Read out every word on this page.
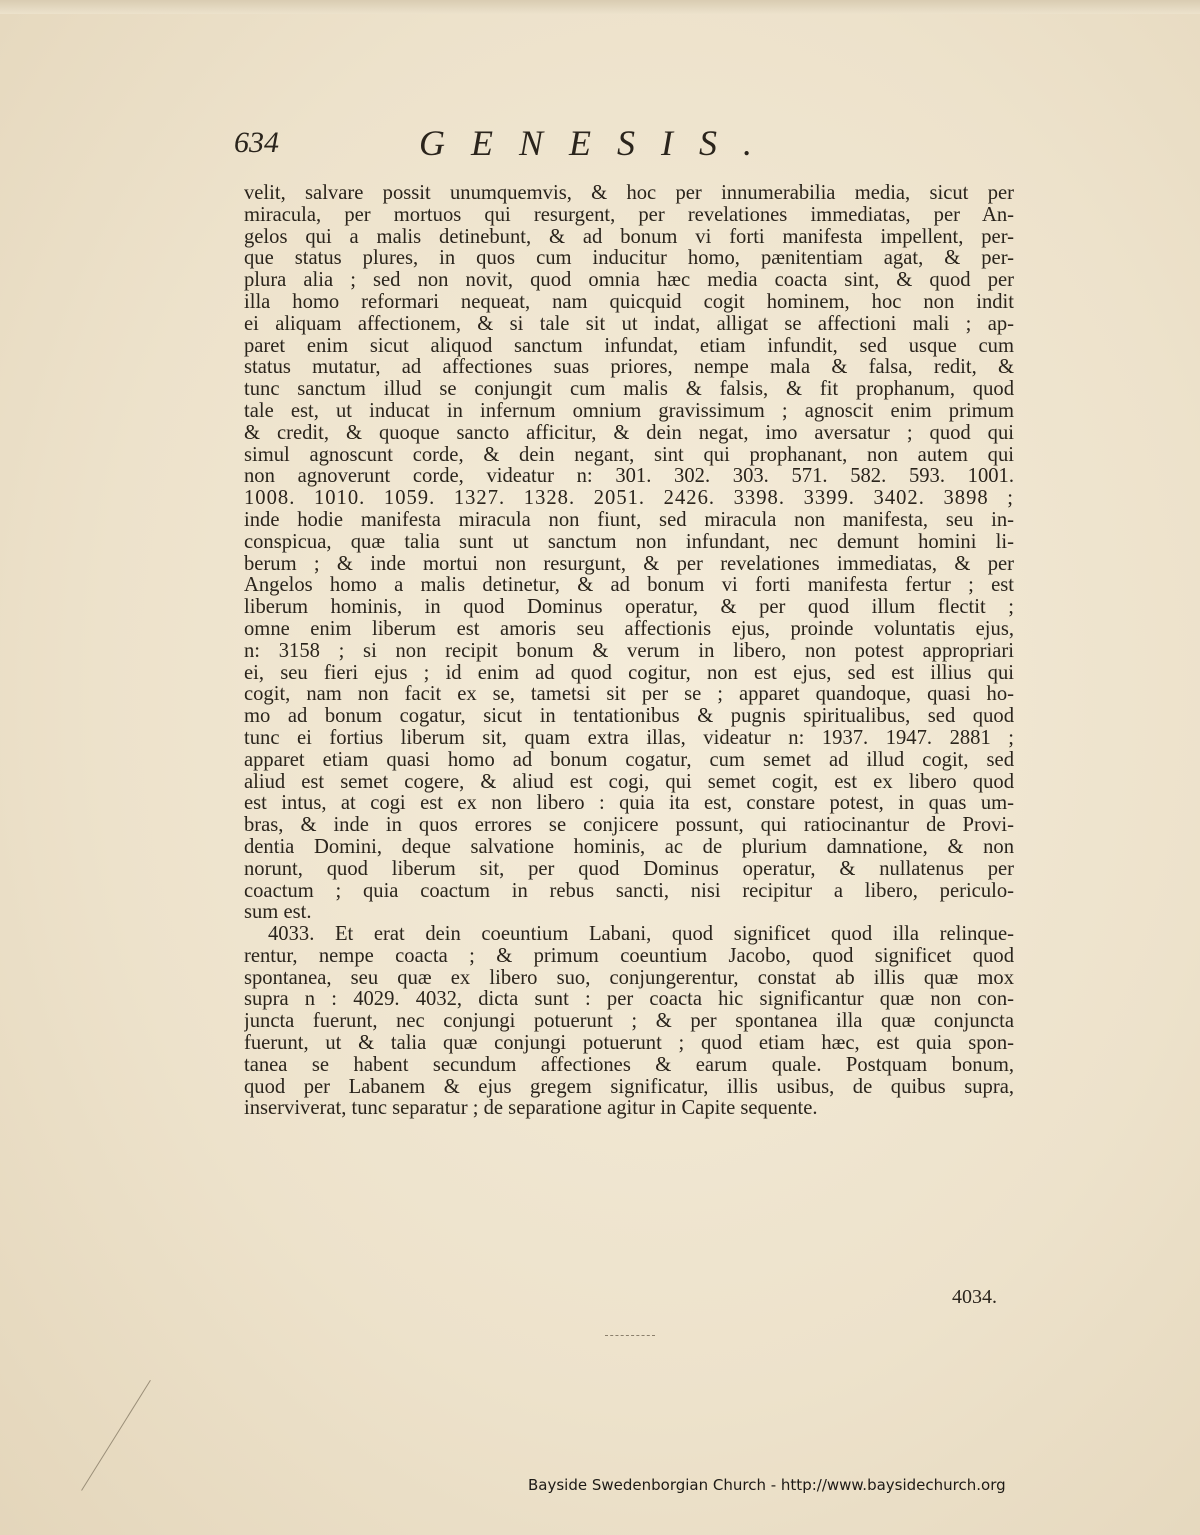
634	GENESIS.
velit, salvare possit unumquemvis, & hoc per innumerabilia media, sicut per
miracula, per mortuos qui resurgent, per revelationes immediatas, per An-
gelos qui a malis detinebunt, & ad bonum vi forti manifesta impellent, per-
que status plures, in quos cum inducitur homo, pænitentiam agat, & per-
plura alia ; sed non novit, quod omnia hæc media coacta sint, & quod per
illa homo reformari nequeat, nam quicquid cogit hominem, hoc non indit
ei aliquam affectionem, & si tale sit ut indat, alligat se affectioni mali ; ap-
paret enim sicut aliquod sanctum infundat, etiam infundit, sed usque cum
status mutatur, ad affectiones suas priores, nempe mala & falsa, redit, &
tunc sanctum illud se conjungit cum malis & falsis, & fit prophanum, quod
tale est, ut inducat in infernum omnium gravissimum ; agnoscit enim primum
& credit, & quoque sancto afficitur, & dein negat, imo aversatur ; quod qui
simul agnoscunt corde, & dein negant, sint qui prophanant, non autem qui
non agnoverunt corde, videatur n: 301. 302. 303. 571. 582. 593. 1001.
1008. 1010. 1059. 1327. 1328. 2051. 2426. 3398. 3399. 3402. 3898 ;
inde hodie manifesta miracula non fiunt, sed miracula non manifesta, seu in-
conspicua, quæ talia sunt ut sanctum non infundant, nec demunt homini li-
berum ; & inde mortui non resurgunt, & per revelationes immediatas, & per
Angelos homo a malis detinetur, & ad bonum vi forti manifesta fertur ; est
liberum hominis, in quod Dominus operatur, & per quod illum flectit ;
omne enim liberum est amoris seu affectionis ejus, proinde voluntatis ejus,
n: 3158 ; si non recipit bonum & verum in libero, non potest appropriari
ei, seu fieri ejus ; id enim ad quod cogitur, non est ejus, sed est illius qui
cogit, nam non facit ex se, tametsi sit per se ; apparet quandoque, quasi ho-
mo ad bonum cogatur, sicut in tentationibus & pugnis spiritualibus, sed quod
tunc ei fortius liberum sit, quam extra illas, videatur n: 1937. 1947. 2881 ;
apparet etiam quasi homo ad bonum cogatur, cum semet ad illud cogit, sed
aliud est semet cogere, & aliud est cogi, qui semet cogit, est ex libero quod
est intus, at cogi est ex non libero : quia ita est, constare potest, in quas um-
bras, & inde in quos errores se conjicere possunt, qui ratiocinantur de Provi-
dentia Domini, deque salvatione hominis, ac de plurium damnatione, & non
norunt, quod liberum sit, per quod Dominus operatur, & nullatenus per
coactum ; quia coactum in rebus sancti, nisi recipitur a libero, periculo-
sum est.
4033. Et erat dein coeuntium Labani, quod significet quod illa relinque-
rentur, nempe coacta ; & primum coeuntium Jacobo, quod significet quod
spontanea, seu quæ ex libero suo, conjungerentur, constat ab illis quæ mox
supra n : 4029. 4032, dicta sunt : per coacta hic significantur quæ non con-
juncta fuerunt, nec conjungi potuerunt ; & per spontanea illa quæ conjuncta
fuerunt, ut & talia quæ conjungi potuerunt ; quod etiam hæc, est quia spon-
tanea se habent secundum affectiones & earum quale. Postquam bonum,
quod per Labanem & ejus gregem significatur, illis usibus, de quibus supra,
inserviverat, tunc separatur ; de separatione agitur in Capite sequente.
4034.
Bayside Swedenborgian Church - http://www.baysidechurch.org
